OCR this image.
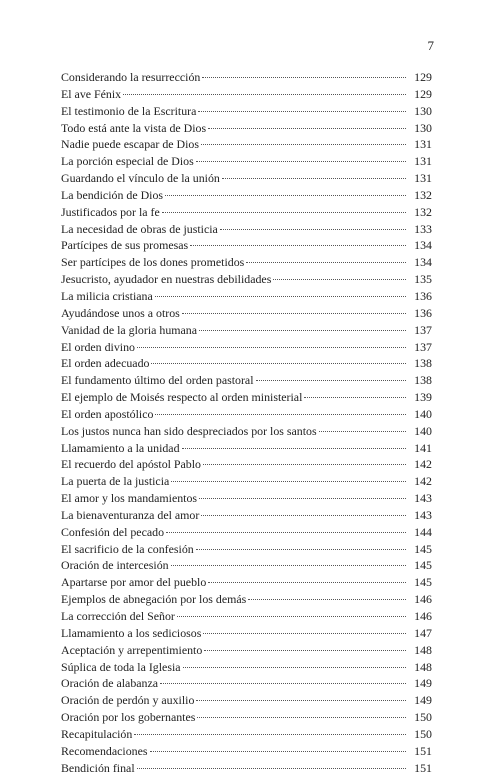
7
Considerando la resurrección	129
El ave Fénix	129
El testimonio de la Escritura	130
Todo está ante la vista de Dios	130
Nadie puede escapar de Dios	131
La porción especial de Dios	131
Guardando el vínculo de la unión	131
La bendición de Dios	132
Justificados por la fe	132
La necesidad de obras de justicia	133
Partícipes de sus promesas	134
Ser partícipes de los dones prometidos	134
Jesucristo, ayudador en nuestras debilidades	135
La milicia cristiana	136
Ayudándose unos a otros	136
Vanidad de la gloria humana	137
El orden divino	137
El orden adecuado	138
El fundamento último del orden pastoral	138
El ejemplo de Moisés respecto al orden ministerial	139
El orden apostólico	140
Los justos nunca han sido despreciados por los santos	140
Llamamiento a la unidad	141
El recuerdo del apóstol Pablo	142
La puerta de la justicia	142
El amor y los mandamientos	143
La bienaventuranza del amor	143
Confesión del pecado	144
El sacrificio de la confesión	145
Oración de intercesión	145
Apartarse por amor del pueblo	145
Ejemplos de abnegación por los demás	146
La corrección del Señor	146
Llamamiento a los sediciosos	147
Aceptación y arrepentimiento	148
Súplica de toda la Iglesia	148
Oración de alabanza	149
Oración de perdón y auxilio	149
Oración por los gobernantes	150
Recapitulación	150
Recomendaciones	151
Bendición final	151
